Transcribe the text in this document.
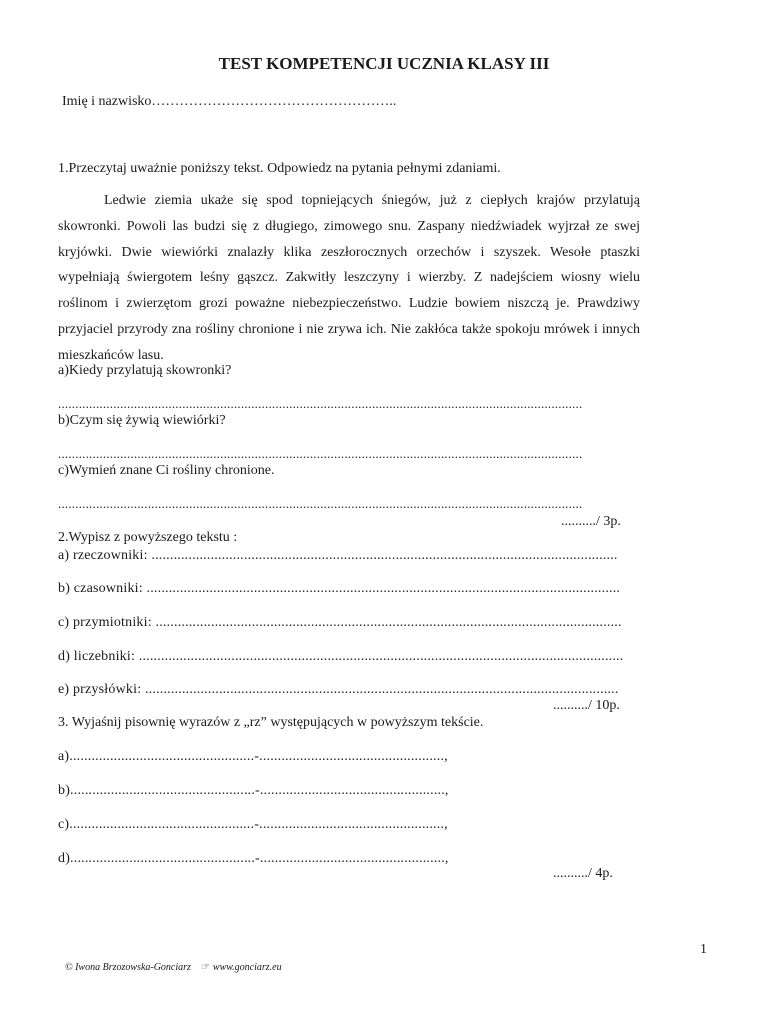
TEST KOMPETENCJI UCZNIA KLASY III
Imię i nazwisko……………………………………………..
1.Przeczytaj uważnie poniższy tekst. Odpowiedz na pytania pełnymi zdaniami.

Ledwie ziemia ukaże się spod topniejących śniegów, już z ciepłych krajów przylatują skowronki. Powoli las budzi się z długiego, zimowego snu. Zaspany niedźwiadek wyjrzał ze swej kryjówki. Dwie wiewiórki znalazły klika zeszłorocznych orzechów i szyszek. Wesołe ptaszki wypełniają świergotem leśny gąszcz. Zakwitły leszczyny i wierzby. Z nadejściem wiosny wielu roślinom i zwierzętom grozi poważne niebezpieczeństwo. Ludzie bowiem niszczą je. Prawdziwy przyjaciel przyrody zna rośliny chronione i nie zrywa ich. Nie zakłóca także spokoju mrówek i innych mieszkańców lasu.

a)Kiedy przylatują skowronki?
........................................................................................................................................................
b)Czym się żywią wiewiórki?
........................................................................................................................................................
c)Wymień znane Ci rośliny chronione.
........................................................................................................................................................
........../ 3p.
2.Wypisz z powyższego tekstu :
a) rzeczowniki: ..............................................................................................................................
b) czasowniki: ................................................................................................................................
c) przymiotniki: ..............................................................................................................................
d) liczebniki: ...................................................................................................................................
e) przysłówki: ................................................................................................................................
........../ 10p.
3. Wyjaśnij pisownię wyrazów z „rz” występujących w powyższym tekście.
a)..................................................-..................................................,
b)..................................................-..................................................,
c)..................................................-..................................................,
d)..................................................-..................................................,
........../ 4p.

© Iwona Brzozowska-Gonciarz ☞ www.gonciarz.eu

1
